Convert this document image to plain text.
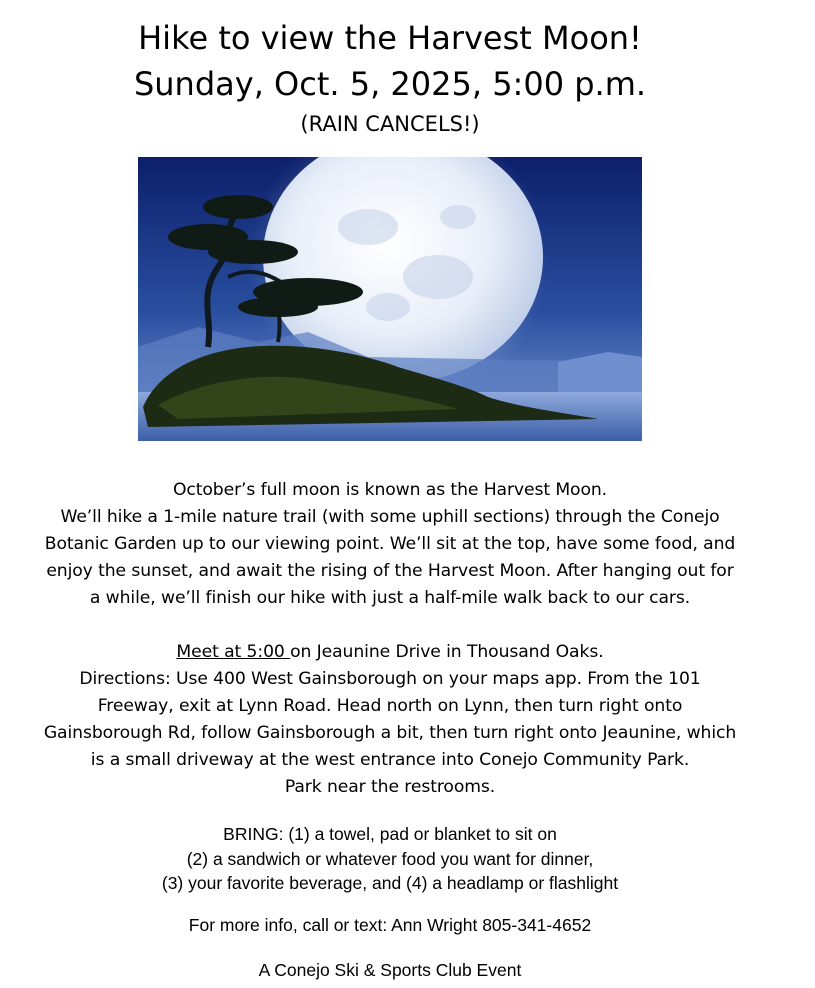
Hike to view the Harvest Moon!
Sunday, Oct. 5, 2025, 5:00 p.m.
(RAIN CANCELS!)
October’s full moon is known as the Harvest Moon.
We’ll hike a 1-mile nature trail (with some uphill sections) through the Conejo
Botanic Garden up to our viewing point. We’ll sit at the top, have some food, and
enjoy the sunset, and await the rising of the Harvest Moon. After hanging out for
a while, we’ll finish our hike with just a half-mile walk back to our cars.
Meet at 5:00 on Jeaunine Drive in Thousand Oaks.
Directions: Use 400 West Gainsborough on your maps app. From the 101
Freeway, exit at Lynn Road. Head north on Lynn, then turn right onto
Gainsborough Rd, follow Gainsborough a bit, then turn right onto Jeaunine, which
is a small driveway at the west entrance into Conejo Community Park.
Park near the restrooms.
BRING: (1) a towel, pad or blanket to sit on
(2) a sandwich or whatever food you want for dinner,
(3) your favorite beverage, and (4) a headlamp or flashlight
For more info, call or text: Ann Wright 805-341-4652
A Conejo Ski & Sports Club Event
